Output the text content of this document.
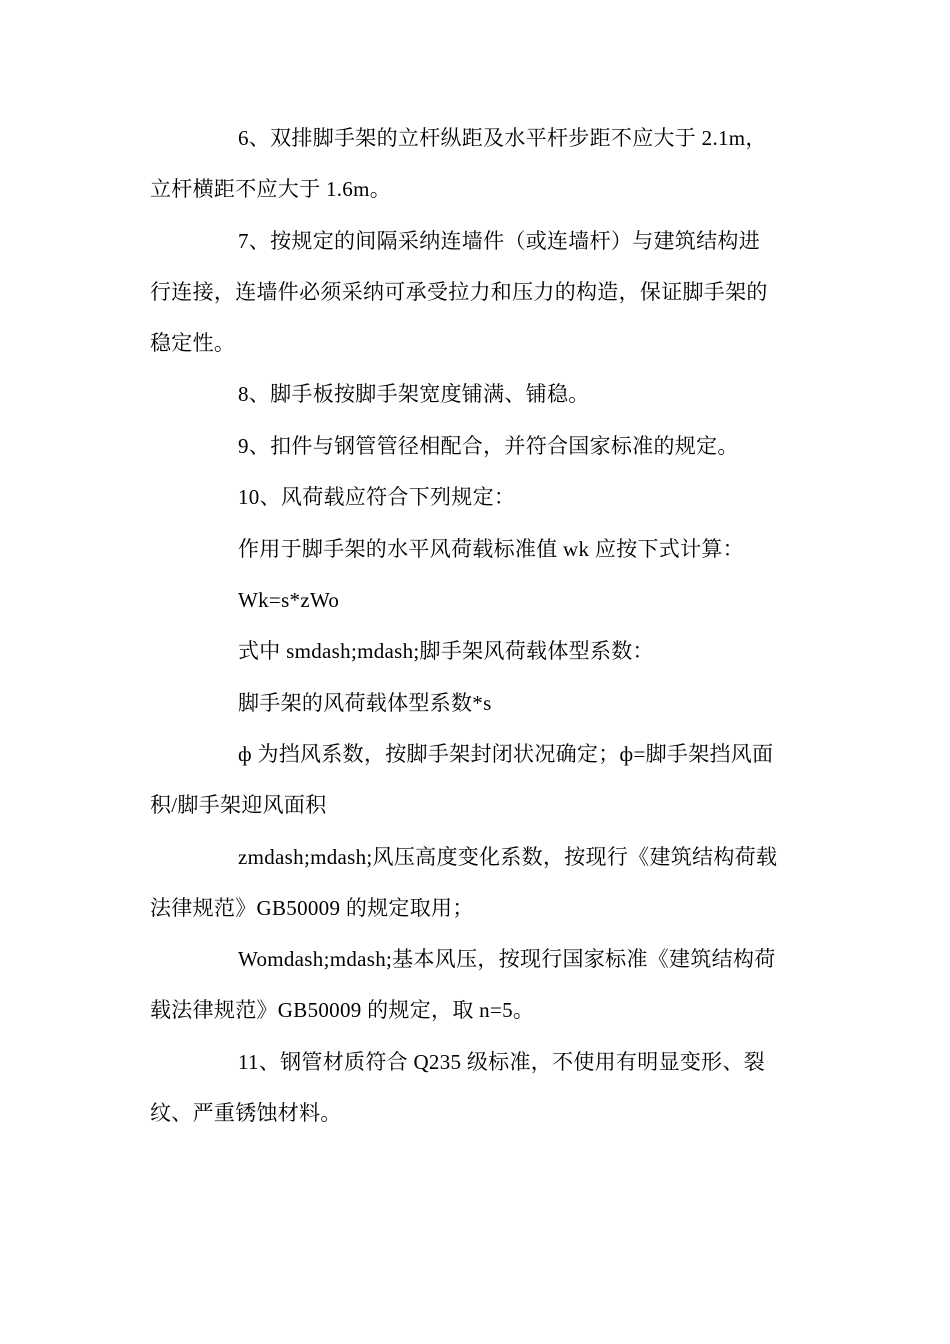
6、双排脚手架的立杆纵距及水平杆步距不应大于 2.1m，
立杆横距不应大于 1.6m。
7、按规定的间隔采纳连墙件（或连墙杆）与建筑结构进
行连接，连墙件必须采纳可承受拉力和压力的构造，保证脚手架的
稳定性。
8、脚手板按脚手架宽度铺满、铺稳。
9、扣件与钢管管径相配合，并符合国家标准的规定。
10、风荷载应符合下列规定：
作用于脚手架的水平风荷载标准值 wk 应按下式计算：
Wk=s*zWo
式中 smdash;mdash;脚手架风荷载体型系数：
脚手架的风荷载体型系数*s
ф 为挡风系数，按脚手架封闭状况确定；ф=脚手架挡风面
积/脚手架迎风面积
zmdash;mdash;风压高度变化系数，按现行《建筑结构荷载
法律规范》GB50009 的规定取用；
Womdash;mdash;基本风压，按现行国家标准《建筑结构荷
载法律规范》GB50009 的规定，取 n=5。
11、钢管材质符合 Q235 级标准，不使用有明显变形、裂
纹、严重锈蚀材料。
